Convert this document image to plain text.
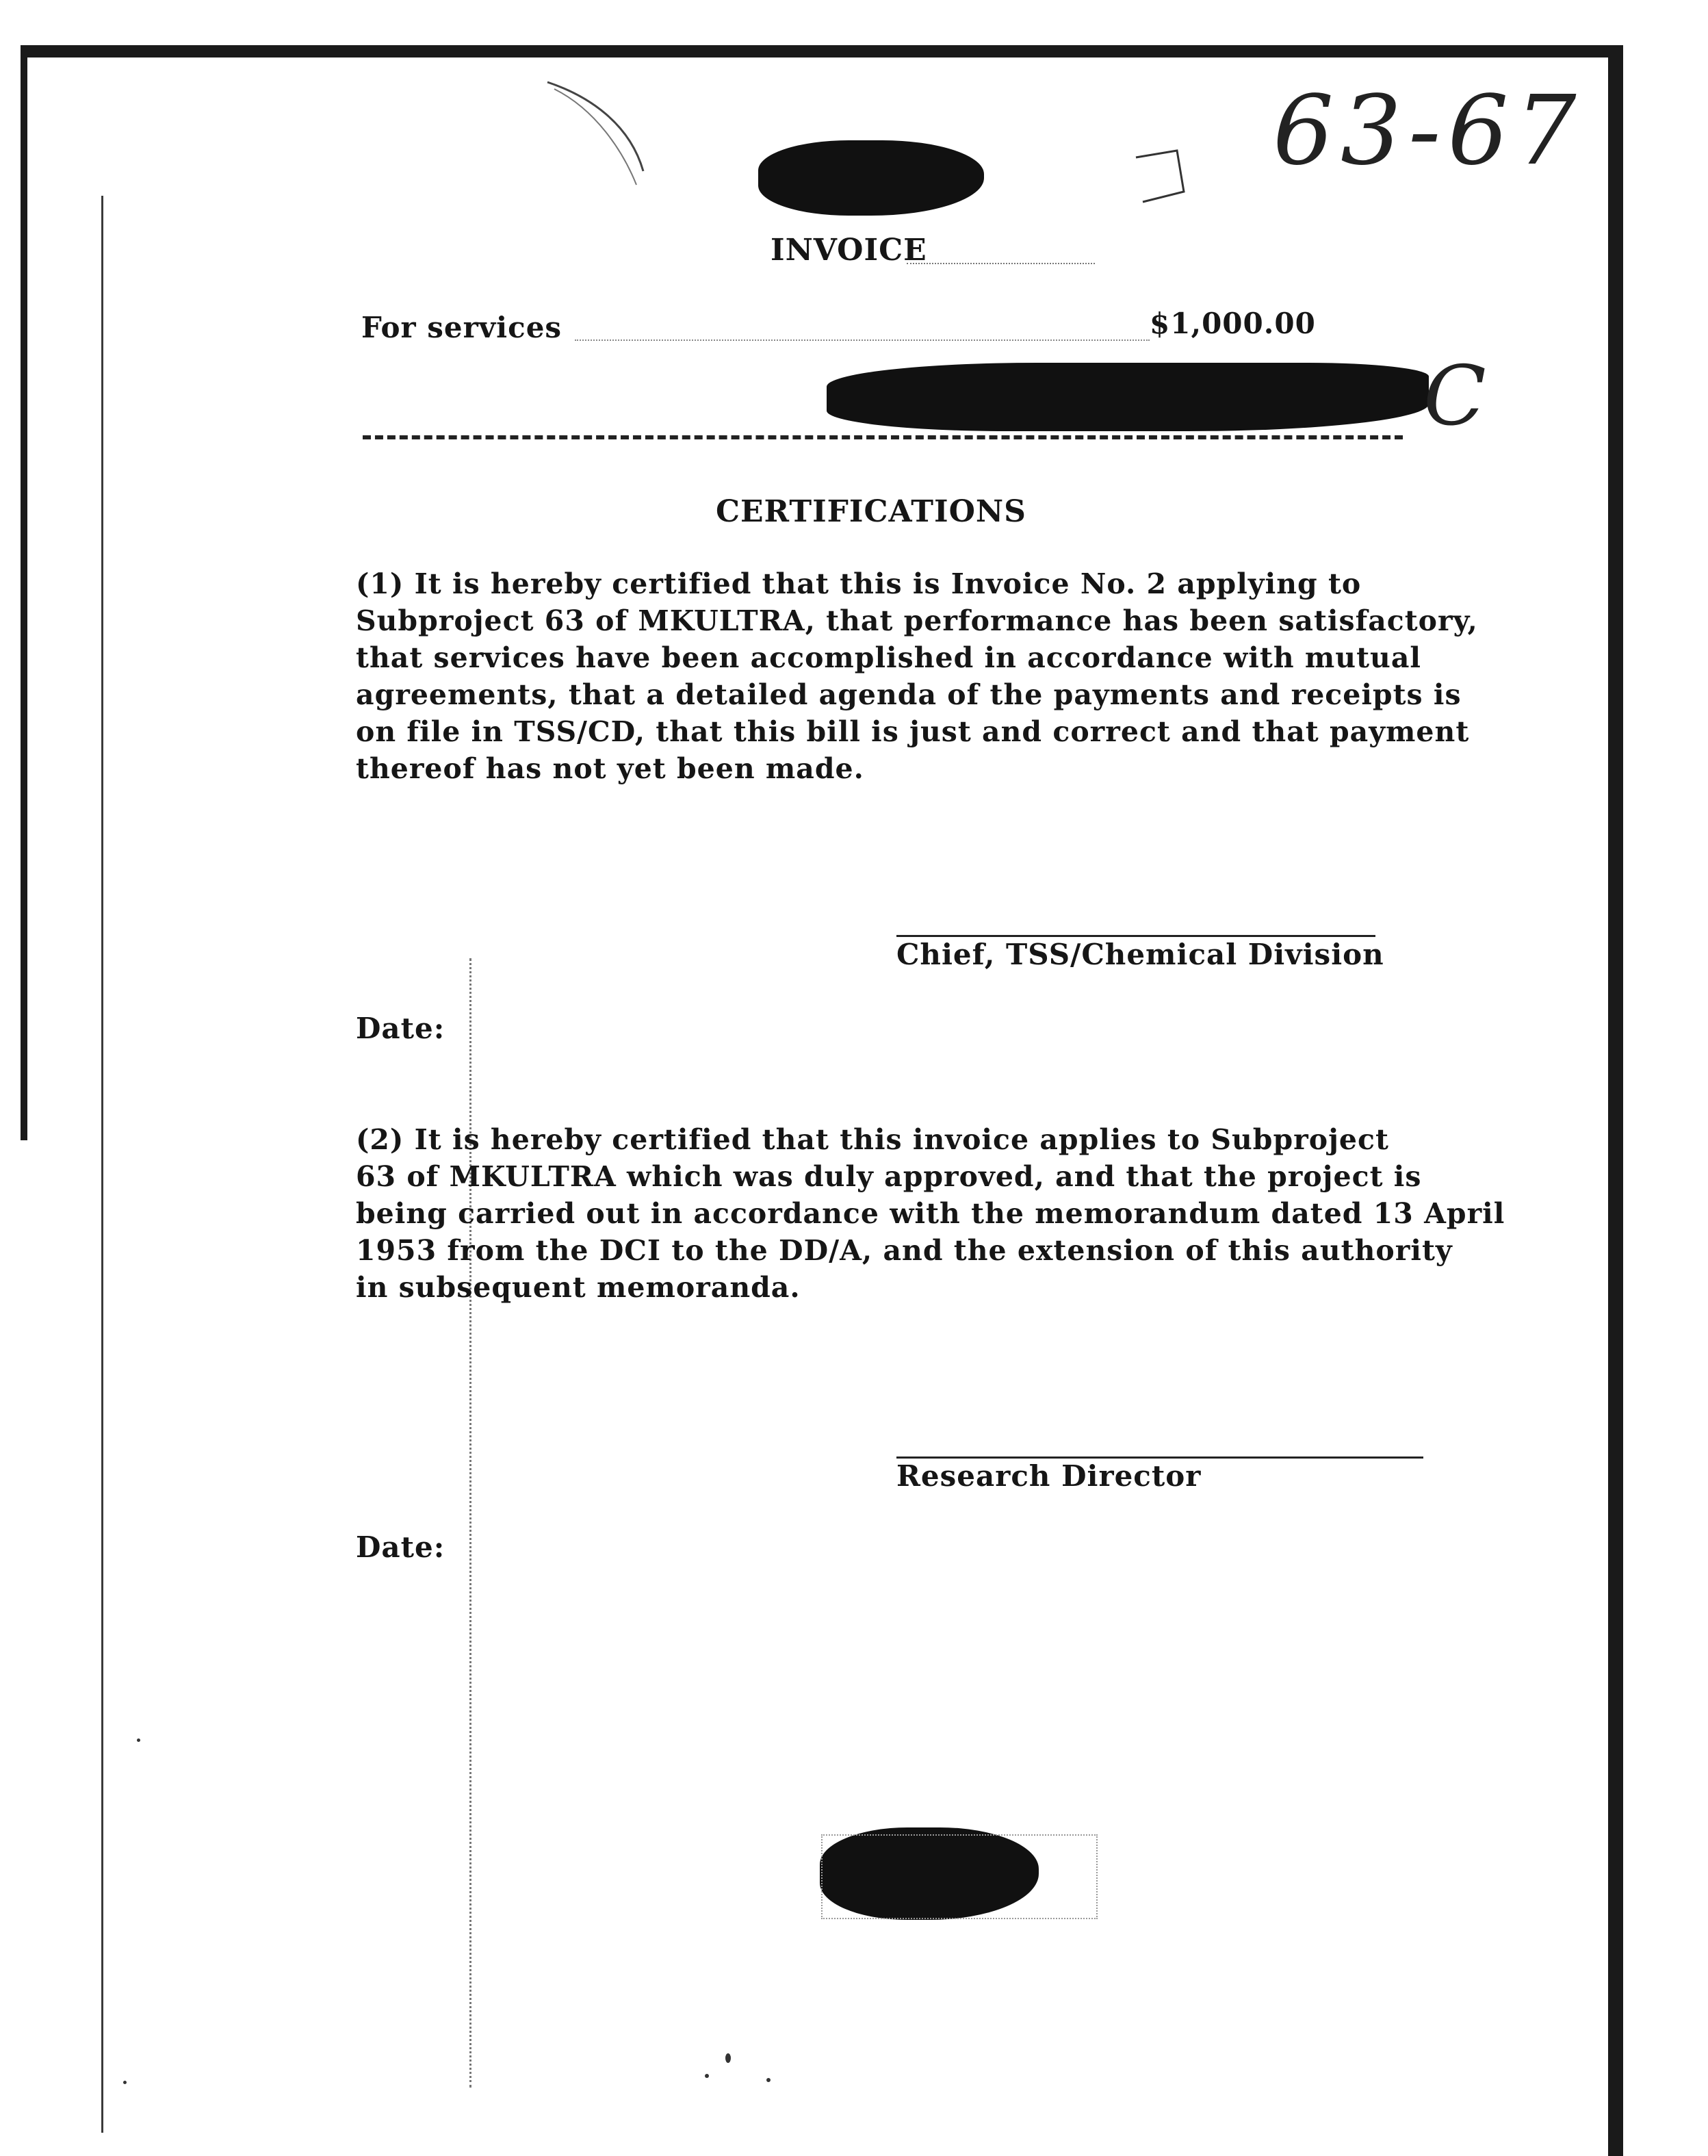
63-67
C
INVOICE
For services	$1,000.00
CERTIFICATIONS
(1) It is hereby certified that this is Invoice No. 2 applying to
Subproject 63 of MKULTRA, that performance has been satisfactory,
that services have been accomplished in accordance with mutual
agreements, that a detailed agenda of the payments and receipts is
on file in TSS/CD, that this bill is just and correct and that payment
thereof has not yet been made.
Chief, TSS/Chemical Division
Date:
(2) It is hereby certified that this invoice applies to Subproject
63 of MKULTRA which was duly approved, and that the project is
being carried out in accordance with the memorandum dated 13 April
1953 from the DCI to the DD/A, and the extension of this authority
in subsequent memoranda.
Research Director
Date:
